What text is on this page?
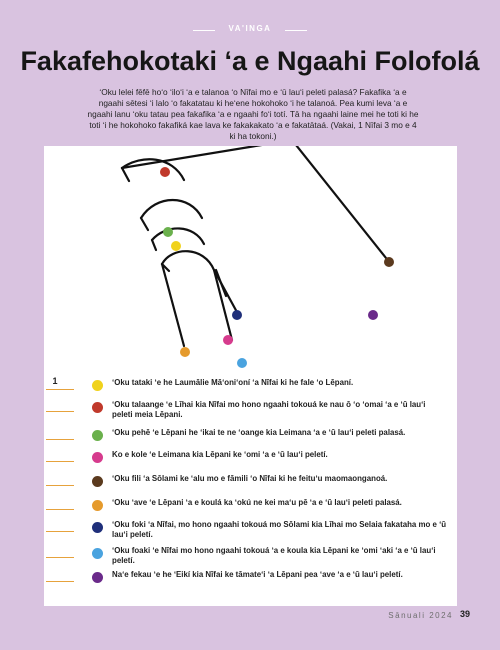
VA'INGA
Fakafehokotaki ʻa e Ngaahi Folofolá

ʻOku lelei fēfē hoʻo ʻiloʻi ʻa e talanoa ʻo Nīfai mo e ʻū lauʻi peleti palasá? Fakafika ʻa e ngaahi sētesi ʻi lalo ʻo fakatatau ki heʻene hokohoko ʻi he talanoá. Pea kumi leva ʻa e ngaahi lanu ʻoku tatau pea fakafika ʻa e ngaahi foʻi totí. Tā ha ngaahi laine mei he toti ki he toti ʻi he hokohoko fakafiká kae lava ke fakakakato ʻa e fakatātaá. (Vakai, 1 Nīfai 3 mo e 4 ki ha tokoni.)

1	ʻOku tataki ʻe he Laumālie Māʻoniʻoní ʻa Nīfai ki he fale ʻo Lēpaní.
ʻOku talaange ʻe Līhai kia Nīfai mo hono ngaahi tokouá ke nau ō ʻo ʻomai ʻa e ʻū lauʻi peleti meia Lēpani.
ʻOku pehē ʻe Lēpani he ʻikai te ne ʻoange kia Leimana ʻa e ʻū lauʻi peleti palasá.
Ko e kole ʻe Leimana kia Lēpani ke ʻomi ʻa e ʻū lauʻi peletí.
ʻOku fili ʻa Sōlami ke ʻalu mo e fāmili ʻo Nīfai ki he feituʻu maomaonganoá.
ʻOku ʻave ʻe Lēpani ʻa e koulá ka ʻokú ne kei maʻu pē ʻa e ʻū lauʻi peleti palasá.
ʻOku foki ʻa Nīfai, mo hono ngaahi tokouá mo Sōlami kia Līhai mo Selaia fakataha mo e ʻū lauʻi peletí.
ʻOku foaki ʻe Nīfai mo hono ngaahi tokouá ʻa e koula kia Lēpani ke ʻomi ʻaki ʻa e ʻū lauʻi peletí.
Naʻe fekau ʻe he ʻEikí kia Nīfai ke tāmateʻi ʻa Lēpani pea ʻave ʻa e ʻū lauʻi peletí.
Sānuali 2024 39
